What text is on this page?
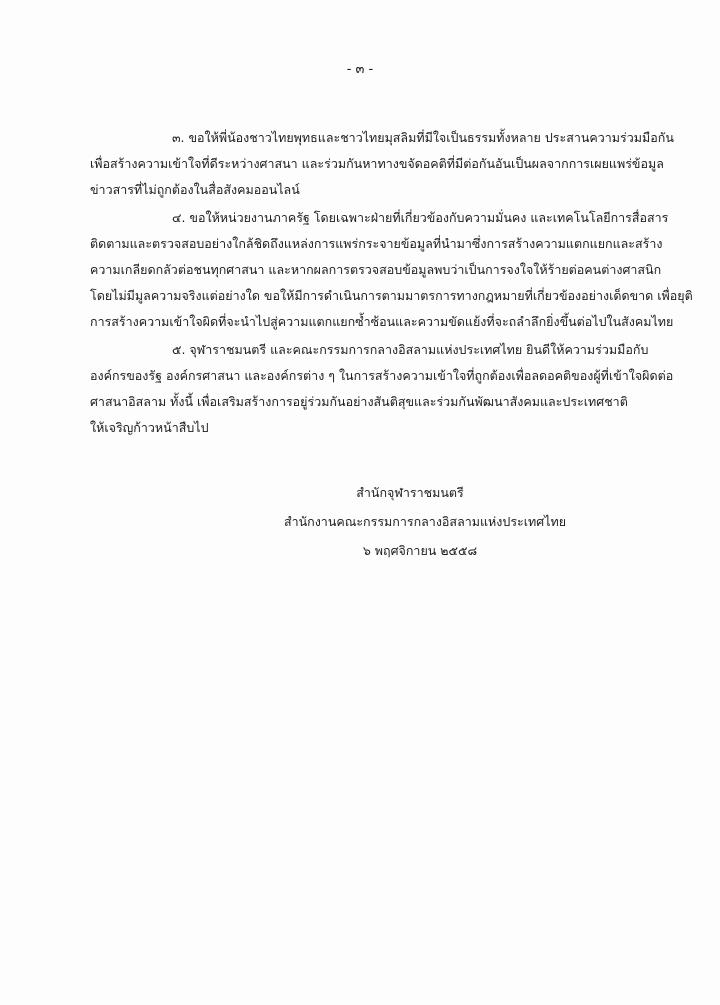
- ๓ -
๓. ขอให้พี่น้องชาวไทยพุทธและชาวไทยมุสลิมที่มีใจเป็นธรรมทั้งหลาย ประสานความร่วมมือกัน
เพื่อสร้างความเข้าใจที่ดีระหว่างศาสนา และร่วมกันหาทางขจัดอคติที่มีต่อกันอันเป็นผลจากการเผยแพร่ข้อมูล
ข่าวสารที่ไม่ถูกต้องในสื่อสังคมออนไลน์
๔. ขอให้หน่วยงานภาครัฐ โดยเฉพาะฝ่ายที่เกี่ยวข้องกับความมั่นคง และเทคโนโลยีการสื่อสาร
ติดตามและตรวจสอบอย่างใกล้ชิดถึงแหล่งการแพร่กระจายข้อมูลที่นำมาซึ่งการสร้างความแตกแยกและสร้าง
ความเกลียดกลัวต่อชนทุกศาสนา และหากผลการตรวจสอบข้อมูลพบว่าเป็นการจงใจให้ร้ายต่อคนต่างศาสนิก
โดยไม่มีมูลความจริงแต่อย่างใด ขอให้มีการดำเนินการตามมาตรการทางกฎหมายที่เกี่ยวข้องอย่างเด็ดขาด เพื่อยุติ
การสร้างความเข้าใจผิดที่จะนำไปสู่ความแตกแยกซ้ำซ้อนและความขัดแย้งที่จะถลำลึกยิ่งขึ้นต่อไปในสังคมไทย
๕. จุฬาราชมนตรี และคณะกรรมการกลางอิสลามแห่งประเทศไทย ยินดีให้ความร่วมมือกับ
องค์กรของรัฐ องค์กรศาสนา และองค์กรต่าง ๆ ในการสร้างความเข้าใจที่ถูกต้องเพื่อลดอคติของผู้ที่เข้าใจผิดต่อ
ศาสนาอิสลาม ทั้งนี้ เพื่อเสริมสร้างการอยู่ร่วมกันอย่างสันติสุขและร่วมกันพัฒนาสังคมและประเทศชาติ
ให้เจริญก้าวหน้าสืบไป
สำนักจุฬาราชมนตรี
สำนักงานคณะกรรมการกลางอิสลามแห่งประเทศไทย
๖ พฤศจิกายน ๒๕๕๘
